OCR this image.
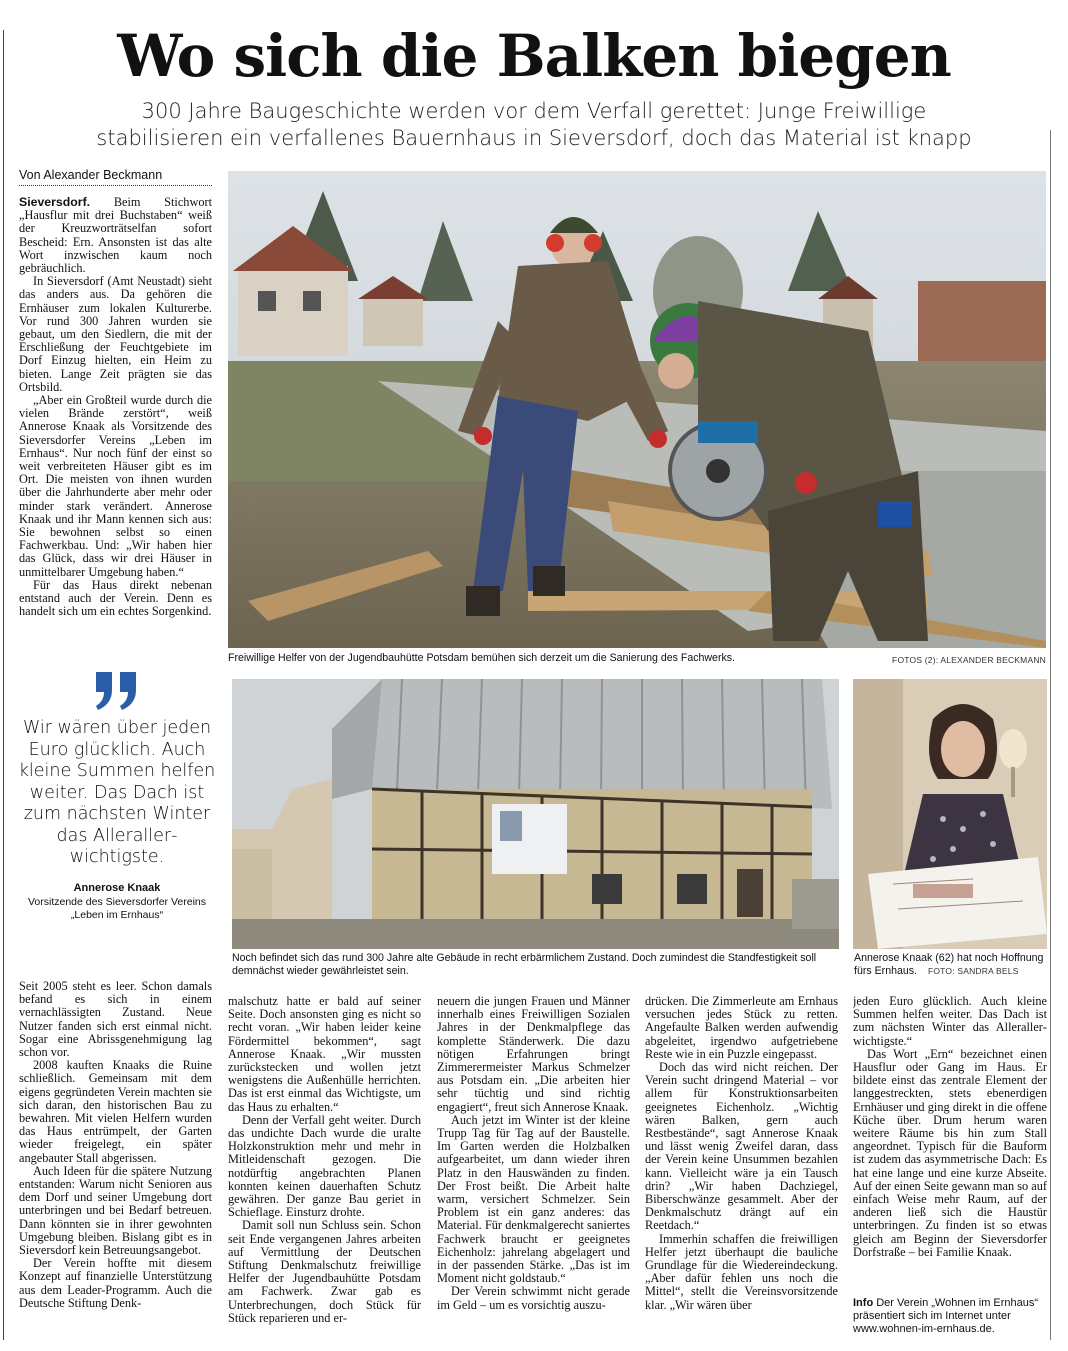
Wo sich die Balken biegen
300 Jahre Baugeschichte werden vor dem Verfall gerettet: Junge Freiwillige
stabilisieren ein verfallenes Bauernhaus in Sieversdorf, doch das Material ist knapp
Von Alexander Beckmann

Sieversdorf. Beim Stichwort „Hausflur mit drei Buchstaben“ weiß der Kreuzworträtselfan sofort Bescheid: Ern. Ansonsten ist das alte Wort inzwischen kaum noch gebräuchlich.

In Sieversdorf (Amt Neustadt) sieht das anders aus. Da gehören die Ernhäuser zum lokalen Kulturerbe. Vor rund 300 Jahren wurden sie gebaut, um den Siedlern, die mit der Erschließung der Feuchtgebiete im Dorf Einzug hielten, ein Heim zu bieten. Lange Zeit prägten sie das Ortsbild.

„Aber ein Großteil wurde durch die vielen Brände zerstört“, weiß Annerose Knaak als Vorsitzende des Sieversdorfer Vereins „Leben im Ernhaus“. Nur noch fünf der einst so weit verbreiteten Häuser gibt es im Ort. Die meisten von ihnen wurden über die Jahrhunderte aber mehr oder minder stark verändert. Annerose Knaak und ihr Mann kennen sich aus: Sie bewohnen selbst so einen Fachwerkbau. Und: „Wir haben hier das Glück, dass wir drei Häuser in unmittelbarer Umgebung haben.“

Für das Haus direkt nebenan entstand auch der Verein. Denn es handelt sich um ein echtes Sorgenkind.

Freiwillige Helfer von der Jugendbauhütte Potsdam bemühen sich derzeit um die Sanierung des Fachwerks.	FOTOS (2): ALEXANDER BECKMANN
Wir wären über jeden Euro glücklich. Auch kleine Summen helfen weiter. Das Dach ist zum nächsten Winter das Allerallerwichtigste.
Annerose Knaak
Vorsitzende des Sieversdorfer Vereins „Leben im Ernhaus“
Noch befindet sich das rund 300 Jahre alte Gebäude in recht erbärmlichem Zustand. Doch zumindest die Standfestigkeit soll demnächst wieder gewährleistet sein.
Annerose Knaak (62) hat noch Hoffnung fürs Ernhaus. FOTO: SANDRA BELS

Seit 2005 steht es leer. Schon damals befand es sich in einem vernachlässigten Zustand. Neue Nutzer fanden sich erst einmal nicht. Sogar eine Abrissgenehmigung lag schon vor.

2008 kauften Knaaks die Ruine schließlich. Gemeinsam mit dem eigens gegründeten Verein machten sie sich daran, den historischen Bau zu bewahren. Mit vielen Helfern wurden das Haus entrümpelt, der Garten wieder freigelegt, ein später angebauter Stall abgerissen.

Auch Ideen für die spätere Nutzung entstanden: Warum nicht Senioren aus dem Dorf und seiner Umgebung dort unterbringen und bei Bedarf betreuen. Dann könnten sie in ihrer gewohnten Umgebung bleiben. Bislang gibt es in Sieversdorf kein Betreuungsangebot.

Der Verein hoffte mit diesem Konzept auf finanzielle Unterstützung aus dem Leader-Programm. Auch die Deutsche Stiftung Denk-

malschutz hatte er bald auf seiner Seite. Doch ansonsten ging es nicht so recht voran. „Wir haben leider keine Fördermittel bekommen“, sagt Annerose Knaak. „Wir mussten zurückstecken und wollen jetzt wenigstens die Außenhülle herrichten. Das ist erst einmal das Wichtigste, um das Haus zu erhalten.“

Denn der Verfall geht weiter. Durch das undichte Dach wurde die uralte Holzkonstruktion mehr und mehr in Mitleidenschaft gezogen. Die notdürftig angebrachten Planen konnten keinen dauerhaften Schutz gewähren. Der ganze Bau geriet in Schieflage. Einsturz drohte.

Damit soll nun Schluss sein. Schon seit Ende vergangenen Jahres arbeiten auf Vermittlung der Deutschen Stiftung Denkmalschutz freiwillige Helfer der Jugendbauhütte Potsdam am Fachwerk. Zwar gab es Unterbrechungen, doch Stück für Stück reparieren und er-

neuern die jungen Frauen und Männer innerhalb eines Freiwilligen Sozialen Jahres in der Denkmalpflege das komplette Ständerwerk. Die dazu nötigen Erfahrungen bringt Zimmerermeister Markus Schmelzer aus Potsdam ein. „Die arbeiten hier sehr tüchtig und sind richtig engagiert“, freut sich Annerose Knaak.

Auch jetzt im Winter ist der kleine Trupp Tag für Tag auf der Baustelle. Im Garten werden die Holzbalken aufgearbeitet, um dann wieder ihren Platz in den Hauswänden zu finden. Der Frost beißt. Die Arbeit halte warm, versichert Schmelzer. Sein Problem ist ein ganz anderes: das Material. Für denkmalgerecht saniertes Fachwerk braucht er geeignetes Eichenholz: jahrelang abgelagert und in der passenden Stärke. „Das ist im Moment nicht goldstaub.“

Der Verein schwimmt nicht gerade im Geld – um es vorsichtig auszu-

drücken. Die Zimmerleute am Ernhaus versuchen jedes Stück zu retten. Angefaulte Balken werden aufwendig abgeleitet, irgendwo aufgetriebene Reste wie in ein Puzzle eingepasst.

Doch das wird nicht reichen. Der Verein sucht dringend Material – vor allem für Konstruktionsarbeiten geeignetes Eichenholz. „Wichtig wären Balken, gern auch Restbestände“, sagt Annerose Knaak und lässt wenig Zweifel daran, dass der Verein keine Unsummen bezahlen kann. Vielleicht wäre ja ein Tausch drin? „Wir haben Dachziegel, Biberschwänze gesammelt. Aber der Denkmalschutz drängt auf ein Reetdach.“

Immerhin schaffen die freiwilligen Helfer jetzt überhaupt die bauliche Grundlage für die Wiedereindeckung. „Aber dafür fehlen uns noch die Mittel“, stellt die Vereinsvorsitzende klar. „Wir wären über

jeden Euro glücklich. Auch kleine Summen helfen weiter. Das Dach ist zum nächsten Winter das Allerallerwichtigste.“

Das Wort „Ern“ bezeichnet einen Hausflur oder Gang im Haus. Er bildete einst das zentrale Element der langgestreckten, stets ebenerdigen Ernhäuser und ging direkt in die offene Küche über. Drum herum waren weitere Räume bis hin zum Stall angeordnet. Typisch für die Bauform ist zudem das asymmetrische Dach: Es hat eine lange und eine kurze Abseite. Auf der einen Seite gewann man so auf einfach Weise mehr Raum, auf der anderen ließ sich die Haustür unterbringen. Zu finden ist so etwas gleich am Beginn der Sieversdorfer Dorfstraße – bei Familie Knaak.

Info Der Verein „Wohnen im Ernhaus“ präsentiert sich im Internet unter www.wohnen-im-ernhaus.de.
